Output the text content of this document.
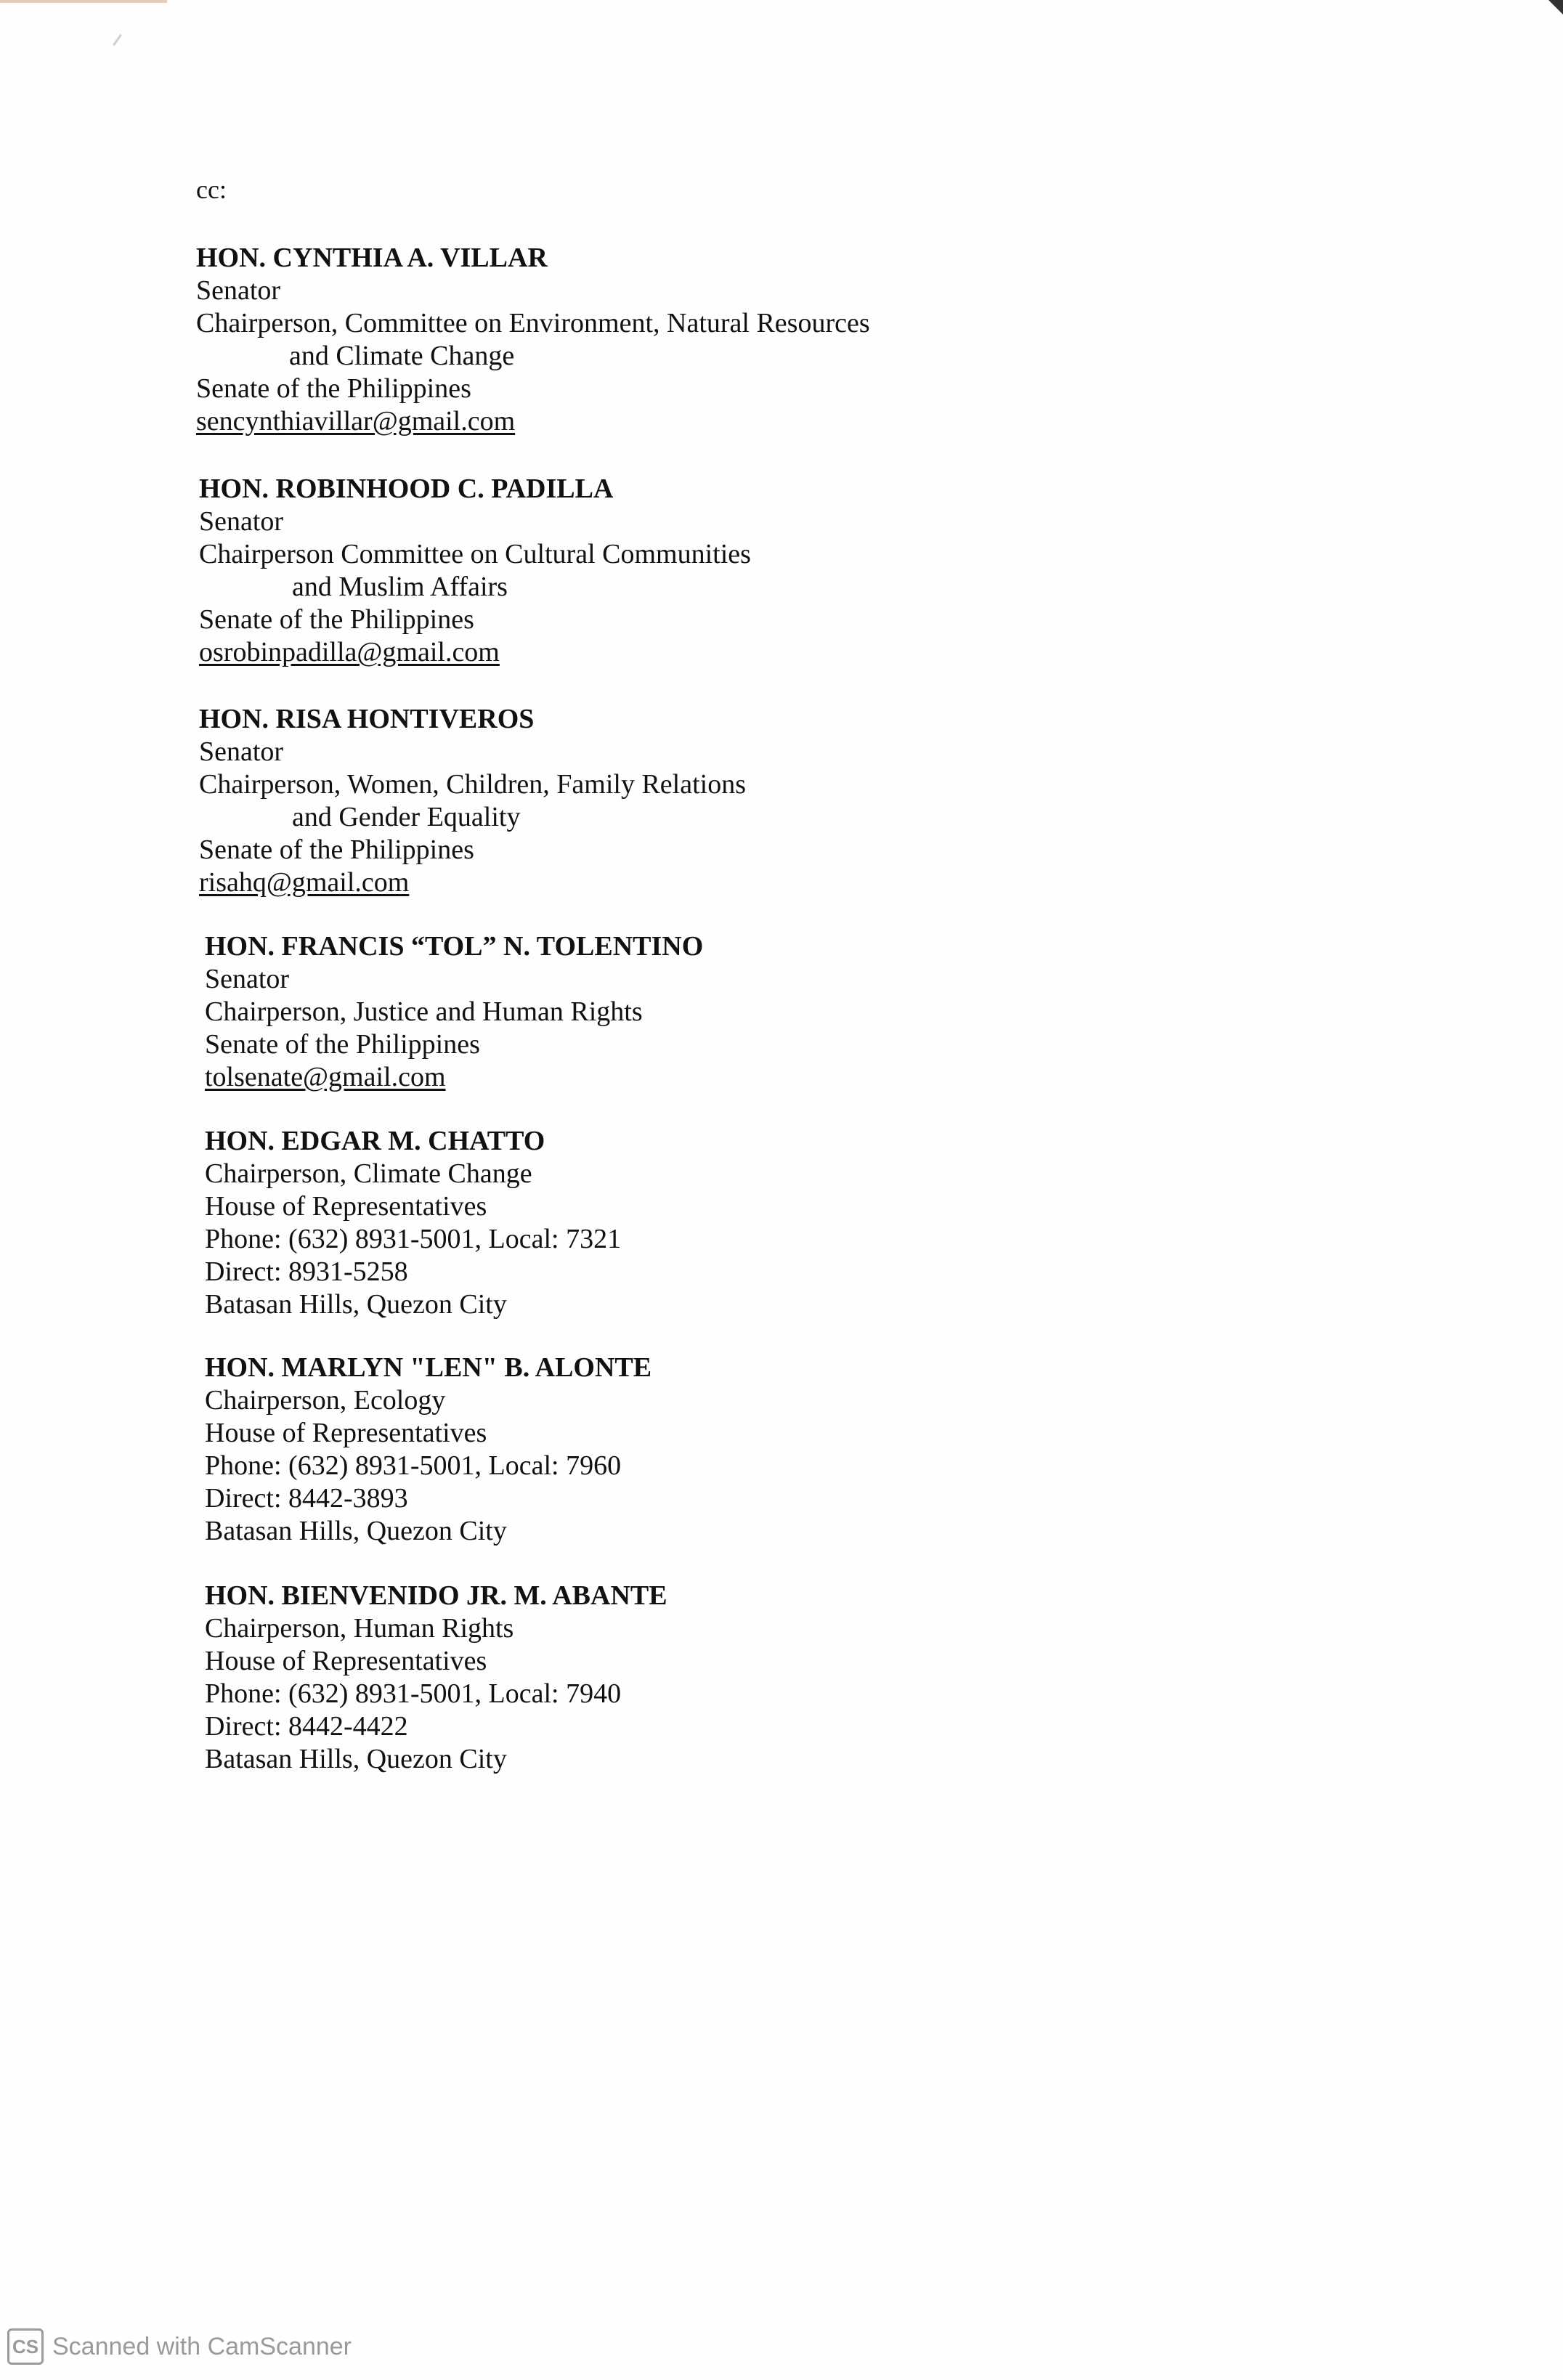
cc:
HON. CYNTHIA A. VILLAR
Senator
Chairperson, Committee on Environment, Natural Resources
and Climate Change
Senate of the Philippines
sencynthiavillar@gmail.com
HON. ROBINHOOD C. PADILLA
Senator
Chairperson Committee on Cultural Communities
and Muslim Affairs
Senate of the Philippines
osrobinpadilla@gmail.com
HON. RISA HONTIVEROS
Senator
Chairperson, Women, Children, Family Relations
and Gender Equality
Senate of the Philippines
risahq@gmail.com
HON. FRANCIS “TOL” N. TOLENTINO
Senator
Chairperson, Justice and Human Rights
Senate of the Philippines
tolsenate@gmail.com
HON. EDGAR M. CHATTO
Chairperson, Climate Change
House of Representatives
Phone: (632) 8931-5001, Local: 7321
Direct: 8931-5258
Batasan Hills, Quezon City
HON. MARLYN "LEN" B. ALONTE
Chairperson, Ecology
House of Representatives
Phone: (632) 8931-5001, Local: 7960
Direct: 8442-3893
Batasan Hills, Quezon City
HON. BIENVENIDO JR. M. ABANTE
Chairperson, Human Rights
House of Representatives
Phone: (632) 8931-5001, Local: 7940
Direct: 8442-4422
Batasan Hills, Quezon City
CS Scanned with CamScanner
